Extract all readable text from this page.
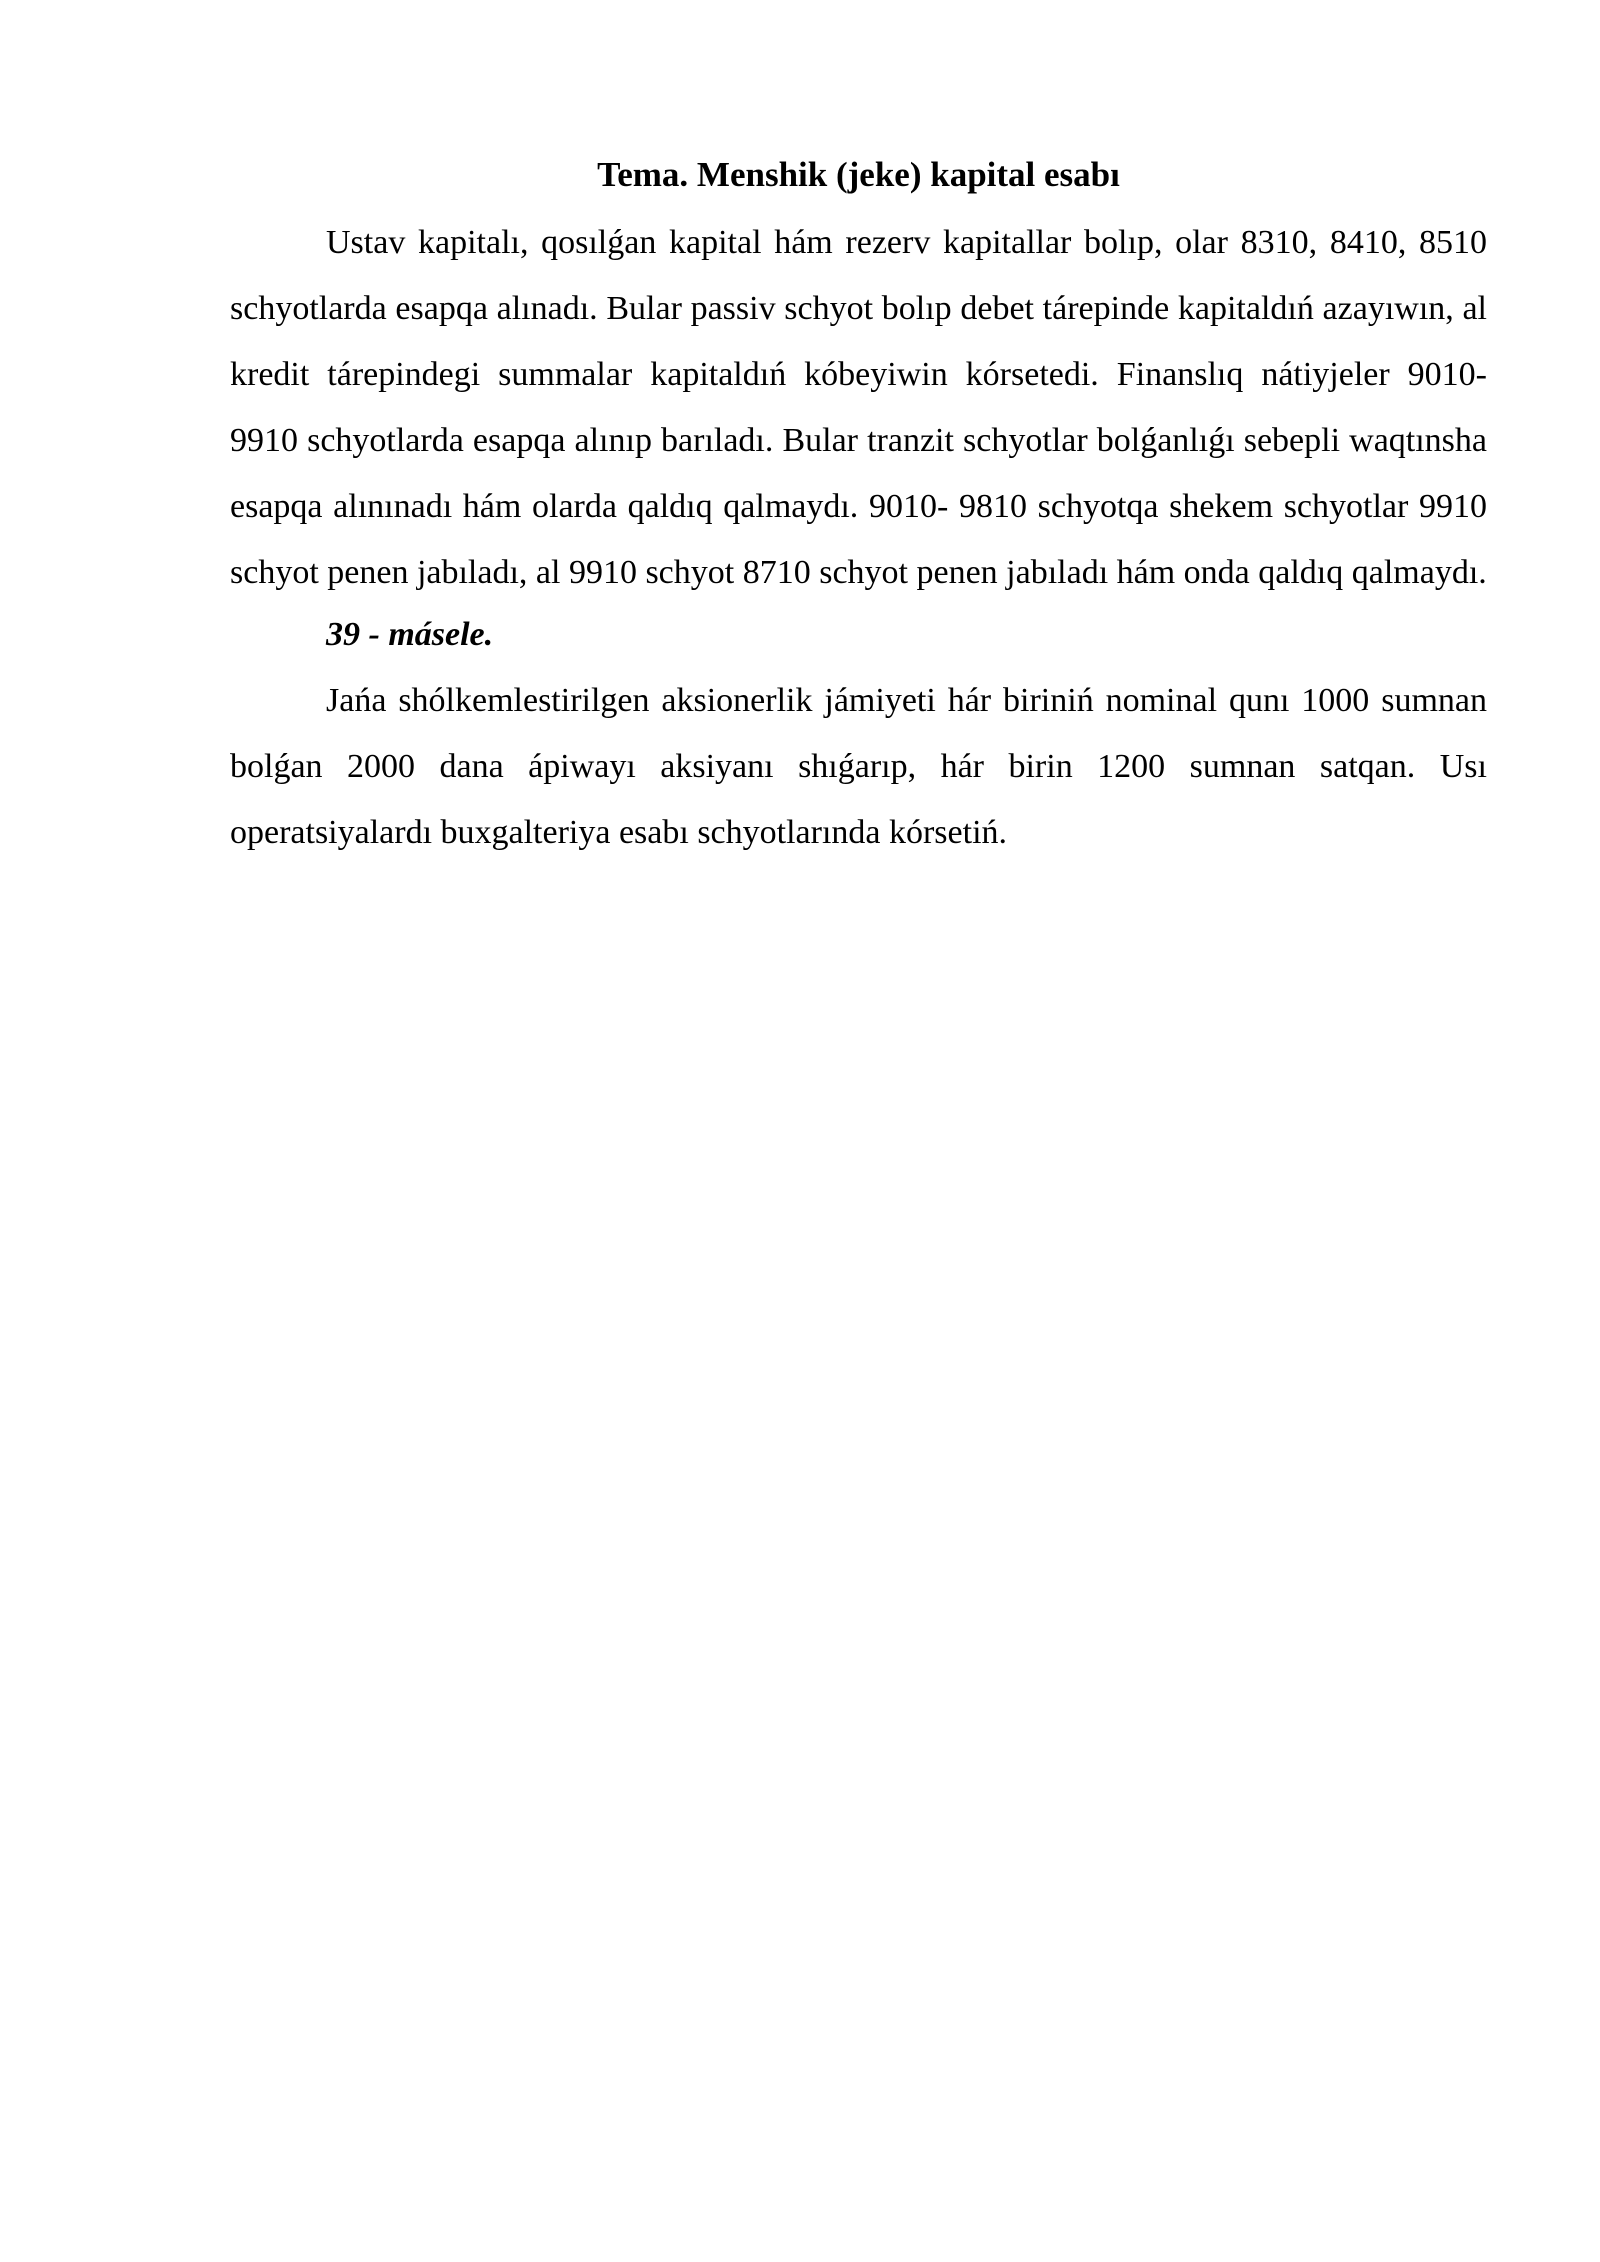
Tema. Menshik (jeke) kapital esabı

Ustav kapitalı, qosılǵan kapital hám rezerv kapitallar bolıp, olar 8310, 8410, 8510 schyotlarda esapqa alınadı. Bular passiv schyot bolıp debet tárepinde kapitaldıń azayıwın, al kredit tárepindegi summalar kapitaldıń kóbeyiwin kórsetedi. Finanslıq nátiyjeler 9010- 9910 schyotlarda esapqa alınıp barıladı. Bular tranzit schyotlar bolǵanlıǵı sebepli waqtınsha esapqa alınınadı hám olarda qaldıq qalmaydı. 9010- 9810 schyotqa shekem schyotlar 9910 schyot penen jabıladı, al 9910 schyot 8710 schyot penen jabıladı hám onda qaldıq qalmaydı.

39 - másele.

Jańa shólkemlestirilgen aksionerlik jámiyeti hár biriniń nominal qunı 1000 sumnan bolǵan 2000 dana ápiwayı aksiyanı shıǵarıp, hár birin 1200 sumnan satqan. Usı operatsiyalardı buxgalteriya esabı schyotlarında kórsetiń.
